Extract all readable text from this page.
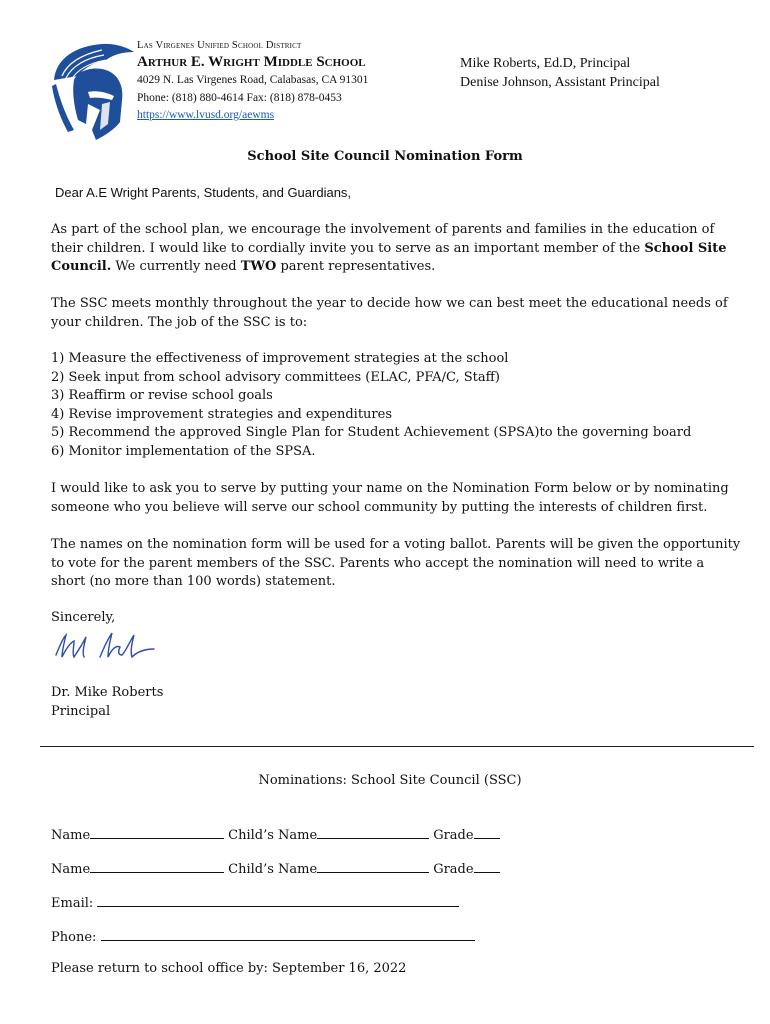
Las Virgenes Unified School District
Arthur E. Wright Middle School
4029 N. Las Virgenes Road, Calabasas, CA 91301
Phone: (818) 880-4614 Fax: (818) 878-0453
https://www.lvusd.org/aewms
Mike Roberts, Ed.D, Principal
Denise Johnson, Assistant Principal
School Site Council Nomination Form
Dear A.E Wright Parents, Students, and Guardians,
As part of the school plan, we encourage the involvement of parents and families in the education of their children. I would like to cordially invite you to serve as an important member of the School Site Council. We currently need TWO parent representatives.
The SSC meets monthly throughout the year to decide how we can best meet the educational needs of your children. The job of the SSC is to:
1) Measure the effectiveness of improvement strategies at the school
2) Seek input from school advisory committees (ELAC, PFA/C, Staff)
3) Reaffirm or revise school goals
4) Revise improvement strategies and expenditures
5) Recommend the approved Single Plan for Student Achievement (SPSA)to the governing board
6) Monitor implementation of the SPSA.
I would like to ask you to serve by putting your name on the Nomination Form below or by nominating someone who you believe will serve our school community by putting the interests of children first.
The names on the nomination form will be used for a voting ballot. Parents will be given the opportunity to vote for the parent members of the SSC. Parents who accept the nomination will need to write a short (no more than 100 words) statement.
Sincerely,
Dr. Mike Roberts
Principal
Nominations: School Site Council (SSC)
Name	Child’s Name	Grade
Name	Child’s Name	Grade
Email:
Phone:
Please return to school office by: September 16, 2022
